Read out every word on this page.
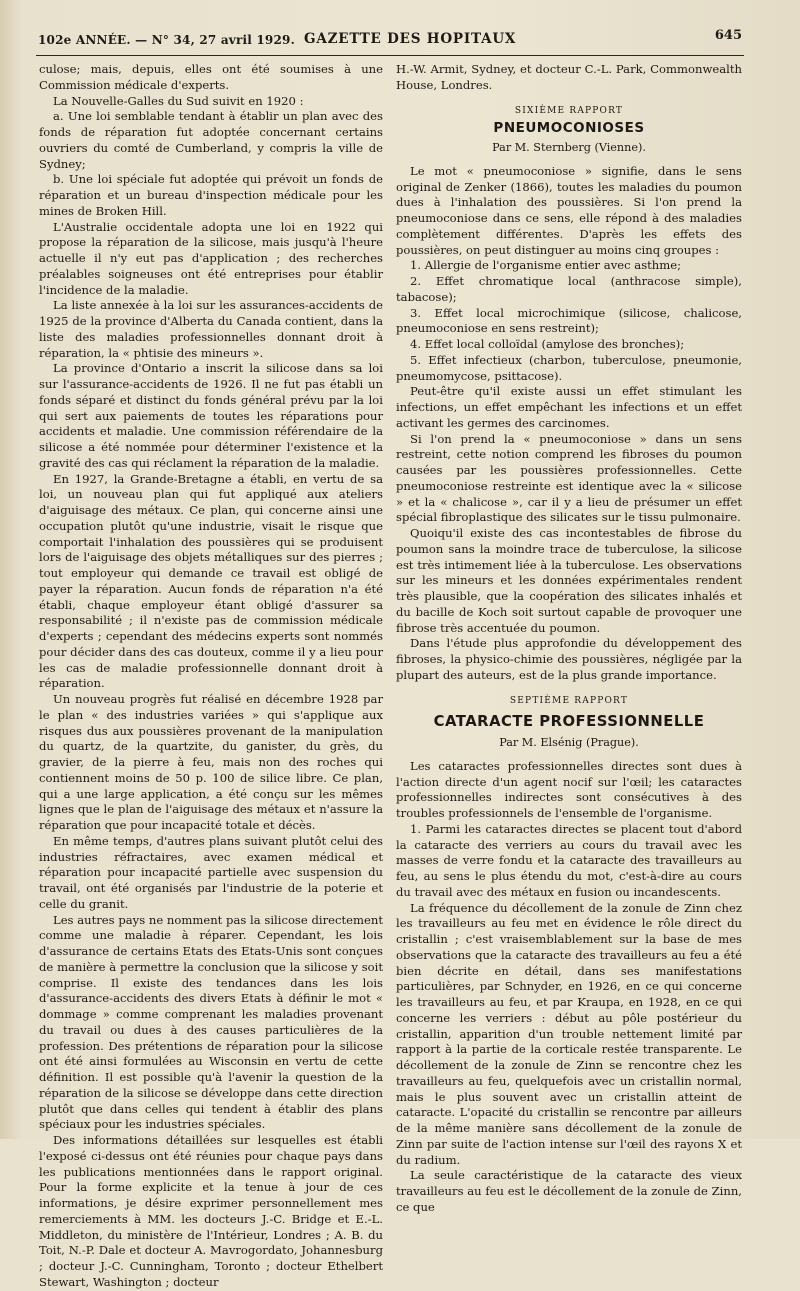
102e ANNÉE. — N° 34, 27 avril 1929. GAZETTE DES HOPITAUX	645

culose; mais, depuis, elles ont été soumises à une Commission médicale d'experts.

La Nouvelle-Galles du Sud suivit en 1920 :

a. Une loi semblable tendant à établir un plan avec des fonds de réparation fut adoptée concernant certains ouvriers du comté de Cumberland, y compris la ville de Sydney;

b. Une loi spéciale fut adoptée qui prévoit un fonds de réparation et un bureau d'inspection médicale pour les mines de Broken Hill.

L'Australie occidentale adopta une loi en 1922 qui propose la réparation de la silicose, mais jusqu'à l'heure actuelle il n'y eut pas d'application ; des recherches préalables soigneuses ont été entreprises pour établir l'incidence de la maladie.

La liste annexée à la loi sur les assurances-accidents de 1925 de la province d'Alberta du Canada contient, dans la liste des maladies professionnelles donnant droit à réparation, la « phtisie des mineurs ».

La province d'Ontario a inscrit la silicose dans sa loi sur l'assurance-accidents de 1926. Il ne fut pas établi un fonds séparé et distinct du fonds général prévu par la loi qui sert aux paiements de toutes les réparations pour accidents et maladie. Une commission référendaire de la silicose a été nommée pour déterminer l'existence et la gravité des cas qui réclament la réparation de la maladie.

En 1927, la Grande-Bretagne a établi, en vertu de sa loi, un nouveau plan qui fut appliqué aux ateliers d'aiguisage des métaux. Ce plan, qui concerne ainsi une occupation plutôt qu'une industrie, visait le risque que comportait l'inhalation des poussières qui se produisent lors de l'aiguisage des objets métalliques sur des pierres ; tout employeur qui demande ce travail est obligé de payer la réparation. Aucun fonds de réparation n'a été établi, chaque employeur étant obligé d'assurer sa responsabilité ; il n'existe pas de commission médicale d'experts ; cependant des médecins experts sont nommés pour décider dans des cas douteux, comme il y a lieu pour les cas de maladie professionnelle donnant droit à réparation.

Un nouveau progrès fut réalisé en décembre 1928 par le plan « des industries variées » qui s'applique aux risques dus aux poussières provenant de la manipulation du quartz, de la quartzite, du ganister, du grès, du gravier, de la pierre à feu, mais non des roches qui contiennent moins de 50 p. 100 de silice libre. Ce plan, qui a une large application, a été conçu sur les mêmes lignes que le plan de l'aiguisage des métaux et n'assure la réparation que pour incapacité totale et décès.

En même temps, d'autres plans suivant plutôt celui des industries réfractaires, avec examen médical et réparation pour incapacité partielle avec suspension du travail, ont été organisés par l'industrie de la poterie et celle du granit.

Les autres pays ne nomment pas la silicose directement comme une maladie à réparer. Cependant, les lois d'assurance de certains Etats des Etats-Unis sont conçues de manière à permettre la conclusion que la silicose y soit comprise. Il existe des tendances dans les lois d'assurance-accidents des divers Etats à définir le mot « dommage » comme comprenant les maladies provenant du travail ou dues à des causes particulières de la profession. Des prétentions de réparation pour la silicose ont été ainsi formulées au Wisconsin en vertu de cette définition. Il est possible qu'à l'avenir la question de la réparation de la silicose se développe dans cette direction plutôt que dans celles qui tendent à établir des plans spéciaux pour les industries spéciales.

Des informations détaillées sur lesquelles est établi l'exposé ci-dessus ont été réunies pour chaque pays dans les publications mentionnées dans le rapport original. Pour la forme explicite et la tenue à jour de ces informations, je désire exprimer personnellement mes remerciements à MM. les docteurs J.-C. Bridge et E.-L. Middleton, du ministère de l'Intérieur, Londres ; A. B. du Toit, N.-P. Dale et docteur A. Mavrogordato, Johannesburg ; docteur J.-C. Cunningham, Toronto ; docteur Ethelbert Stewart, Washington ; docteur

H.-W. Armit, Sydney, et docteur C.-L. Park, Commonwealth House, Londres.

SIXIÈME RAPPORT
PNEUMOCONIOSES
Par M. Sternberg (Vienne).

Le mot « pneumoconiose » signifie, dans le sens original de Zenker (1866), toutes les maladies du poumon dues à l'inhalation des poussières. Si l'on prend la pneumoconiose dans ce sens, elle répond à des maladies complètement différentes. D'après les effets des poussières, on peut distinguer au moins cinq groupes :

1. Allergie de l'organisme entier avec asthme;

2. Effet chromatique local (anthracose simple), tabacose);

3. Effet local microchimique (silicose, chalicose, pneumoconiose en sens restreint);

4. Effet local colloïdal (amylose des bronches);

5. Effet infectieux (charbon, tuberculose, pneumonie, pneumomycose, psittacose).

Peut-être qu'il existe aussi un effet stimulant les infections, un effet empêchant les infections et un effet activant les germes des carcinomes.

Si l'on prend la « pneumoconiose » dans un sens restreint, cette notion comprend les fibroses du poumon causées par les poussières professionnelles. Cette pneumoconiose restreinte est identique avec la « silicose » et la « chalicose », car il y a lieu de présumer un effet spécial fibroplastique des silicates sur le tissu pulmonaire.

Quoiqu'il existe des cas incontestables de fibrose du poumon sans la moindre trace de tuberculose, la silicose est très intimement liée à la tuberculose. Les observations sur les mineurs et les données expérimentales rendent très plausible, que la coopération des silicates inhalés et du bacille de Koch soit surtout capable de provoquer une fibrose très accentuée du poumon.

Dans l'étude plus approfondie du développement des fibroses, la physico-chimie des poussières, négligée par la plupart des auteurs, est de la plus grande importance.

SEPTIÈME RAPPORT
CATARACTE PROFESSIONNELLE
Par M. Elsénig (Prague).

Les cataractes professionnelles directes sont dues à l'action directe d'un agent nocif sur l'œil; les cataractes professionnelles indirectes sont consécutives à des troubles professionnels de l'ensemble de l'organisme.

1. Parmi les cataractes directes se placent tout d'abord la cataracte des verriers au cours du travail avec les masses de verre fondu et la cataracte des travailleurs au feu, au sens le plus étendu du mot, c'est-à-dire au cours du travail avec des métaux en fusion ou incandescents.

La fréquence du décollement de la zonule de Zinn chez les travailleurs au feu met en évidence le rôle direct du cristallin ; c'est vraisemblablement sur la base de mes observations que la cataracte des travailleurs au feu a été bien décrite en détail, dans ses manifestations particulières, par Schnyder, en 1926, en ce qui concerne les travailleurs au feu, et par Kraupa, en 1928, en ce qui concerne les verriers : début au pôle postérieur du cristallin, apparition d'un trouble nettement limité par rapport à la partie de la corticale restée transparente. Le décollement de la zonule de Zinn se rencontre chez les travailleurs au feu, quelquefois avec un cristallin normal, mais le plus souvent avec un cristallin atteint de cataracte. L'opacité du cristallin se rencontre par ailleurs de la même manière sans décollement de la zonule de Zinn par suite de l'action intense sur l'œil des rayons X et du radium.

La seule caractéristique de la cataracte des vieux travailleurs au feu est le décollement de la zonule de Zinn, ce que
